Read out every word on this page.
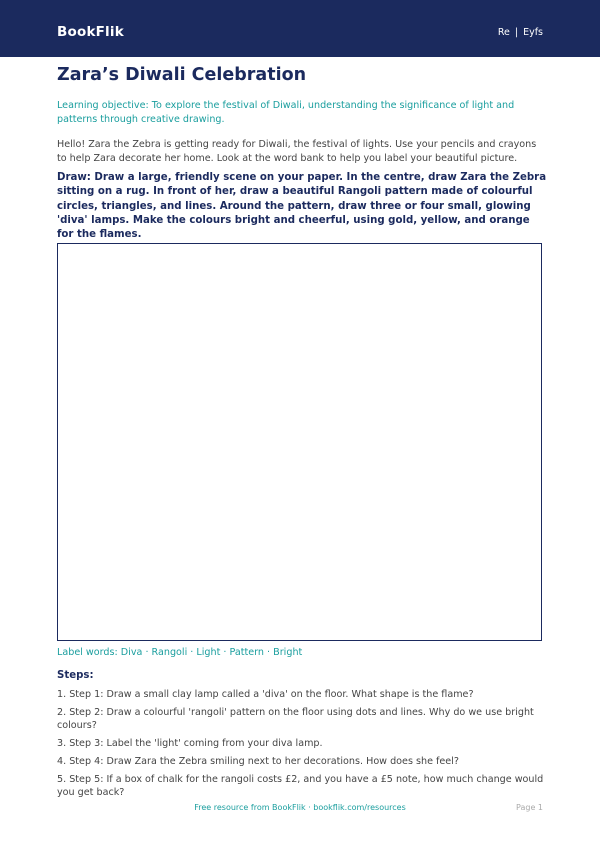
BookFlik	Re | Eyfs
Zara’s Diwali Celebration

Learning objective: To explore the festival of Diwali, understanding the significance of light and patterns through creative drawing.

Hello! Zara the Zebra is getting ready for Diwali, the festival of lights. Use your pencils and crayons to help Zara decorate her home. Look at the word bank to help you label your beautiful picture.

Draw: Draw a large, friendly scene on your paper. In the centre, draw Zara the Zebra sitting on a rug. In front of her, draw a beautiful Rangoli pattern made of colourful circles, triangles, and lines. Around the pattern, draw three or four small, glowing 'diva' lamps. Make the colours bright and cheerful, using gold, yellow, and orange for the flames.

Label words: Diva · Rangoli · Light · Pattern · Bright
Steps:
1. Step 1: Draw a small clay lamp called a 'diva' on the floor. What shape is the flame?
2. Step 2: Draw a colourful 'rangoli' pattern on the floor using dots and lines. Why do we use bright colours?
3. Step 3: Label the 'light' coming from your diva lamp.
4. Step 4: Draw Zara the Zebra smiling next to her decorations. How does she feel?
5. Step 5: If a box of chalk for the rangoli costs £2, and you have a £5 note, how much change would you get back?
Free resource from BookFlik · bookflik.com/resources	Page 1
